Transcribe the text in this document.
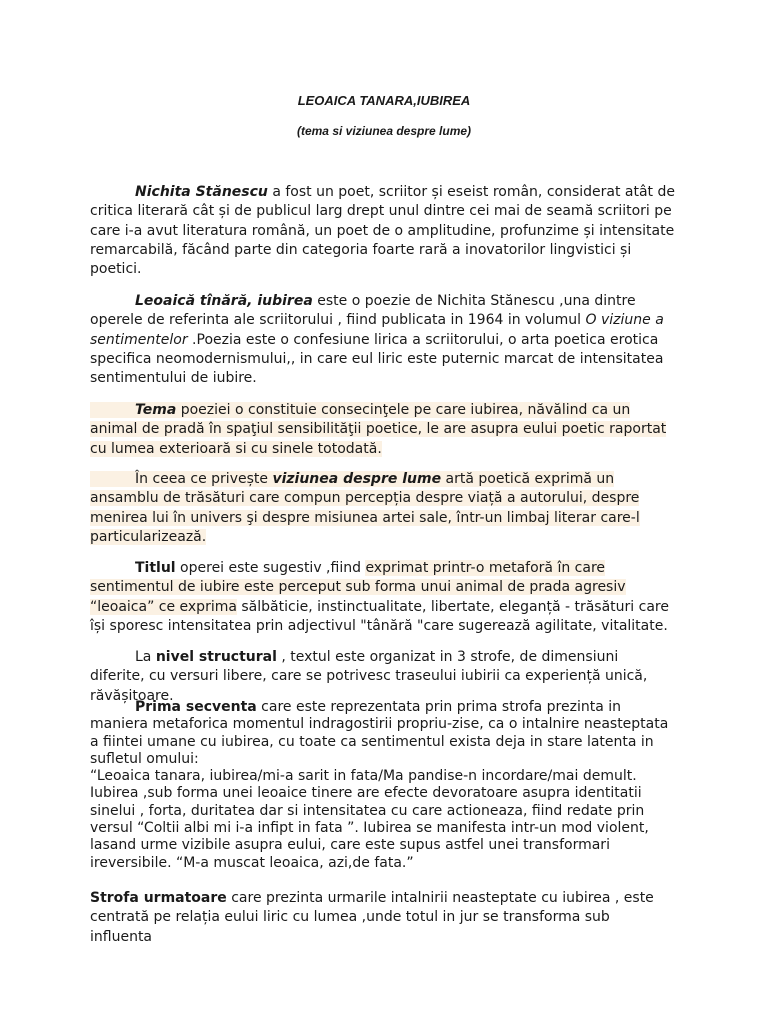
LEOAICA TANARA,IUBIREA
(tema si viziunea despre lume)

Nichita Stănescu a fost un poet, scriitor și eseist român, considerat atât de critica literară cât și de publicul larg drept unul dintre cei mai de seamă scriitori pe care i-a avut literatura română, un poet de o amplitudine, profunzime și intensitate remarcabilă, făcând parte din categoria foarte rară a inovatorilor lingvistici și poetici.

Leoaică tînără, iubirea este o poezie de Nichita Stănescu ,una dintre operele de referinta ale scriitorului , fiind publicata in 1964 in volumul O viziune a sentimentelor .Poezia este o confesiune lirica a scriitorului, o arta poetica erotica specifica neomodernismului,, in care eul liric este puternic marcat de intensitatea sentimentului de iubire.

Tema poeziei o constituie consecinţele pe care iubirea, năvălind ca un animal de pradă în spaţiul sensibilităţii poetice, le are asupra eului poetic raportat cu lumea exterioară si cu sinele totodată.

În ceea ce privește viziunea despre lume artă poetică exprimă un ansamblu de trăsături care compun percepția despre viață a autorului, despre menirea lui în univers şi despre misiunea artei sale, într-un limbaj literar care-l particularizează.

Titlul operei este sugestiv ,fiind exprimat printr-o metaforă în care sentimentul de iubire este perceput sub forma unui animal de prada agresiv “leoaica” ce exprima sălbăticie, instinctualitate, libertate, eleganță - trăsături care își sporesc intensitatea prin adjectivul "tânără "care sugerează agilitate, vitalitate.

La nivel structural , textul este organizat in 3 strofe, de dimensiuni diferite, cu versuri libere, care se potrivesc traseului iubirii ca experiență unică, răvășitoare.

Prima secventa care este reprezentata prin prima strofa prezinta in maniera metaforica momentul indragostirii propriu-zise, ca o intalnire neasteptata a fiintei umane cu iubirea, cu toate ca sentimentul exista deja in stare latenta in sufletul omului:
“Leoaica tanara, iubirea/mi-a sarit in fata/Ma pandise-n incordare/mai demult.
Iubirea ,sub forma unei leoaice tinere are efecte devoratoare asupra identitatii sinelui , forta, duritatea dar si intensitatea cu care actioneaza, fiind redate prin versul “Coltii albi mi i-a infipt in fata ”. Iubirea se manifesta intr-un mod violent, lasand urme vizibile asupra eului, care este supus astfel unei transformari ireversibile. “M-a muscat leoaica, azi,de fata.”

Strofa urmatoare care prezinta urmarile intalnirii neasteptate cu iubirea , este centrată pe relația eului liric cu lumea ,unde totul in jur se transforma sub influenta
